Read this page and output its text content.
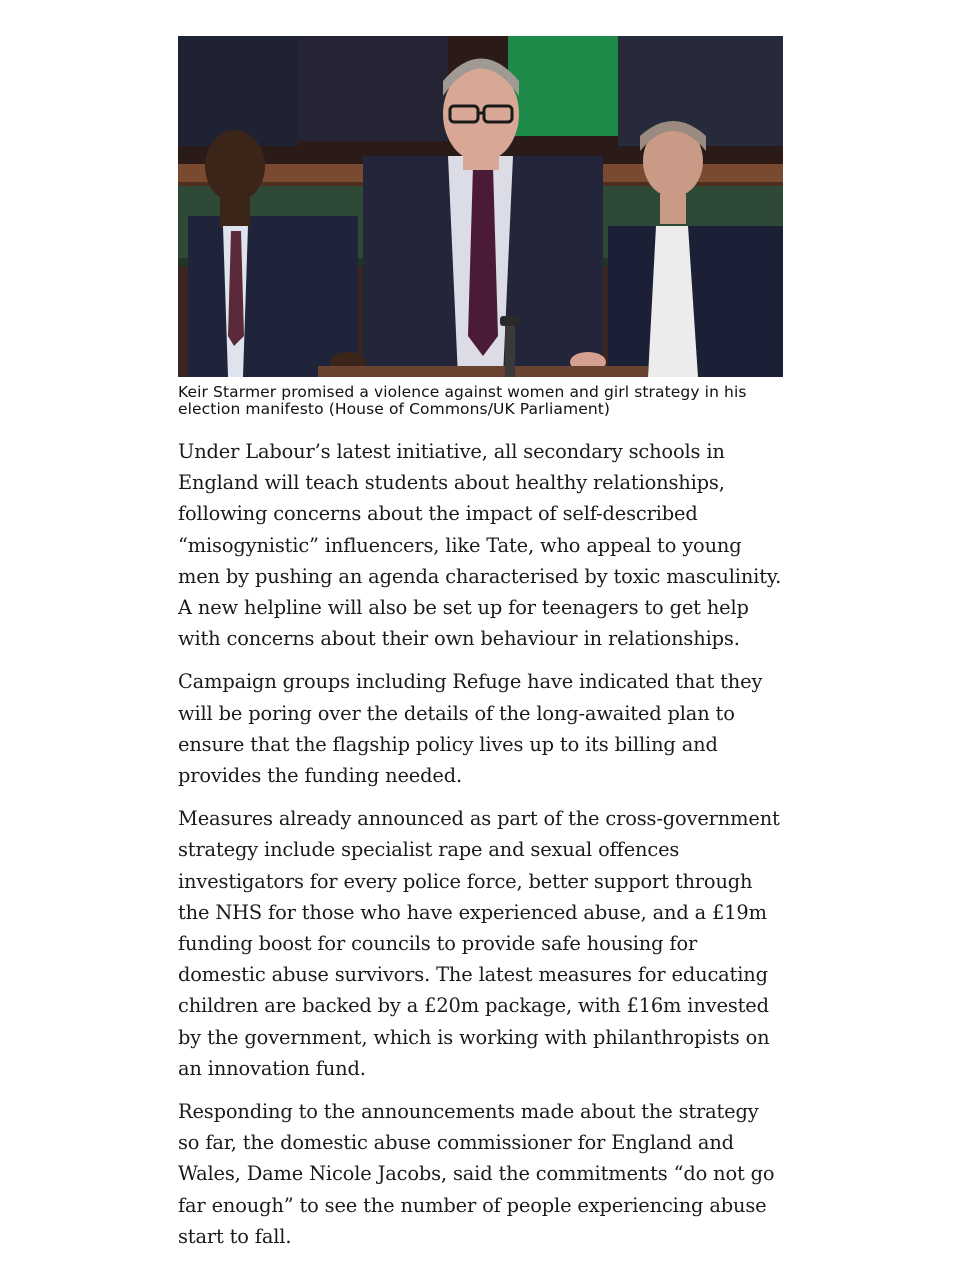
Keir Starmer promised a violence against women and girl strategy in his election manifesto (House of Commons/UK Parliament)

Under Labour’s latest initiative, all secondary schools in England will teach students about healthy relationships, following concerns about the impact of self-described “misogynistic” influencers, like Tate, who appeal to young men by pushing an agenda characterised by toxic masculinity. A new helpline will also be set up for teenagers to get help with concerns about their own behaviour in relationships.

Campaign groups including Refuge have indicated that they will be poring over the details of the long-awaited plan to ensure that the flagship policy lives up to its billing and provides the funding needed.

Measures already announced as part of the cross-government strategy include specialist rape and sexual offences investigators for every police force, better support through the NHS for those who have experienced abuse, and a £19m funding boost for councils to provide safe housing for domestic abuse survivors. The latest measures for educating children are backed by a £20m package, with £16m invested by the government, which is working with philanthropists on an innovation fund.

Responding to the announcements made about the strategy so far, the domestic abuse commissioner for England and Wales, Dame Nicole Jacobs, said the commitments “do not go far enough” to see the number of people experiencing abuse start to fall.
